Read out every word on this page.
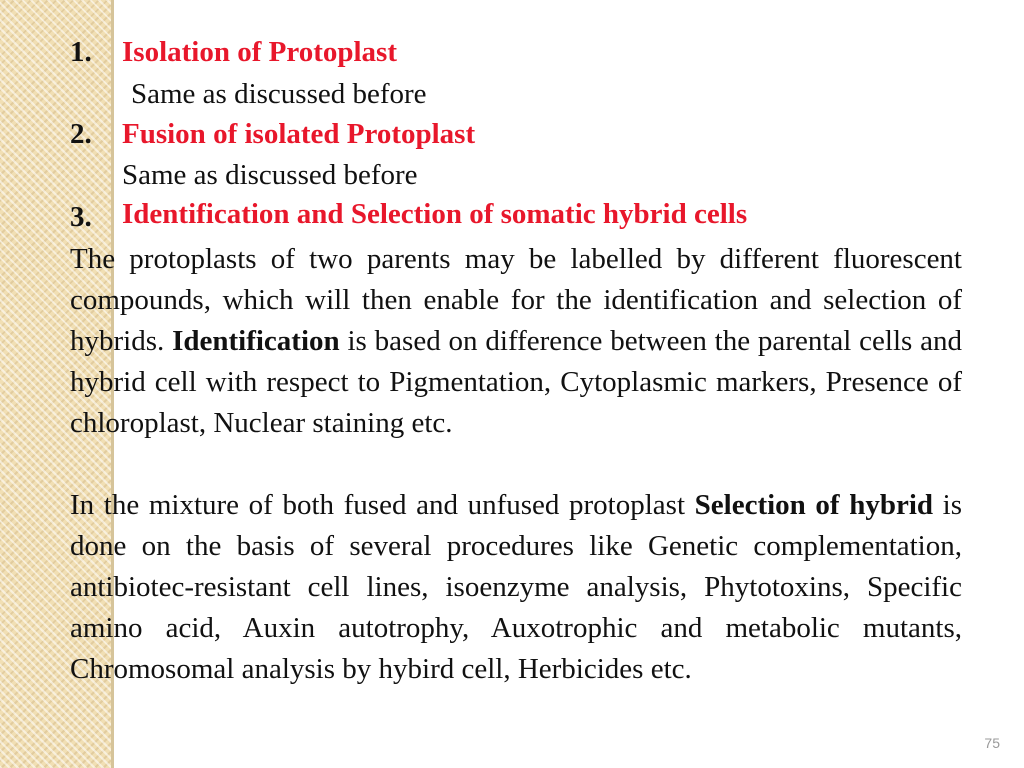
1. Isolation of Protoplast
Same as discussed before
2. Fusion of isolated Protoplast
Same as discussed before
3. Identification and Selection of somatic hybrid cells

The protoplasts of two parents may be labelled by different fluorescent compounds, which will then enable for the identification and selection of hybrids. Identification is based on difference between the parental cells and hybrid cell with respect to Pigmentation, Cytoplasmic markers, Presence of chloroplast, Nuclear staining etc.

In the mixture of both fused and unfused protoplast Selection of hybrid is done on the basis of several procedures like Genetic complementation, antibiotec-resistant cell lines, isoenzyme analysis, Phytotoxins, Specific amino acid, Auxin autotrophy, Auxotrophic and metabolic mutants, Chromosomal analysis by hybird cell, Herbicides etc.

75
